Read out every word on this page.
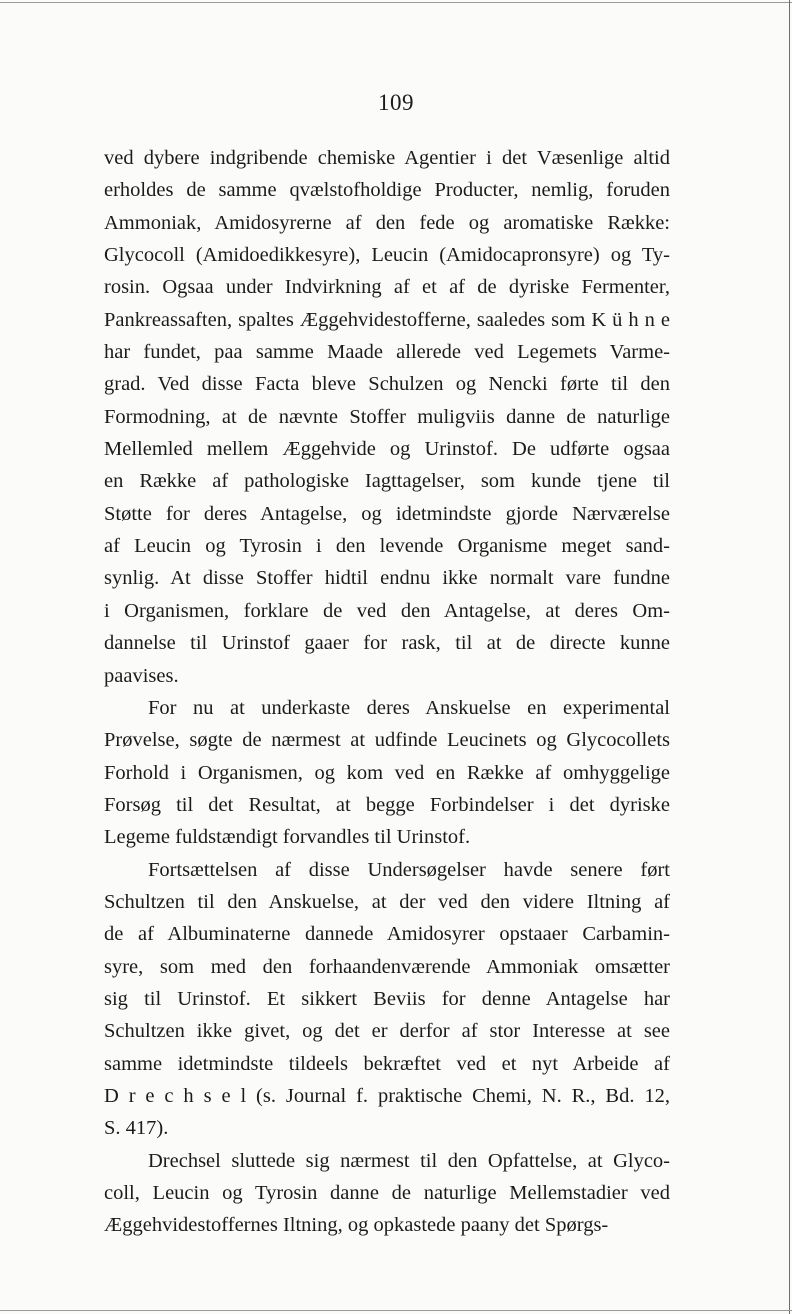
109
ved dybere indgribende chemiske Agentier i det Væsenlige altid
erholdes de samme qvælstofholdige Producter, nemlig, foruden
Ammoniak, Amidosyrerne af den fede og aromatiske Række:
Glycocoll (Amidoedikkesyre), Leucin (Amidocapronsyre) og Ty-
rosin. Ogsaa under Indvirkning af et af de dyriske Fermenter,
Pankreassaften, spaltes Æggehvidestofferne, saaledes som K ü h n e
har fundet, paa samme Maade allerede ved Legemets Varme-
grad. Ved disse Facta bleve Schulzen og Nencki førte til den
Formodning, at de nævnte Stoffer muligviis danne de naturlige
Mellemled mellem Æggehvide og Urinstof. De udførte ogsaa
en Række af pathologiske Iagttagelser, som kunde tjene til
Støtte for deres Antagelse, og idetmindste gjorde Nærværelse
af Leucin og Tyrosin i den levende Organisme meget sand-
synlig. At disse Stoffer hidtil endnu ikke normalt vare fundne
i Organismen, forklare de ved den Antagelse, at deres Om-
dannelse til Urinstof gaaer for rask, til at de directe kunne
paavises.
For nu at underkaste deres Anskuelse en experimental
Prøvelse, søgte de nærmest at udfinde Leucinets og Glycocollets
Forhold i Organismen, og kom ved en Række af omhyggelige
Forsøg til det Resultat, at begge Forbindelser i det dyriske
Legeme fuldstændigt forvandles til Urinstof.
Fortsættelsen af disse Undersøgelser havde senere ført
Schultzen til den Anskuelse, at der ved den videre Iltning af
de af Albuminaterne dannede Amidosyrer opstaaer Carbamin-
syre, som med den forhaandenværende Ammoniak omsætter
sig til Urinstof. Et sikkert Beviis for denne Antagelse har
Schultzen ikke givet, og det er derfor af stor Interesse at see
samme idetmindste tildeels bekræftet ved et nyt Arbeide af
D r e c h s e l (s. Journal f. praktische Chemi, N. R., Bd. 12,
S. 417).
Drechsel sluttede sig nærmest til den Opfattelse, at Glyco-
coll, Leucin og Tyrosin danne de naturlige Mellemstadier ved
Æggehvidestoffernes Iltning, og opkastede paany det Spørgs-
